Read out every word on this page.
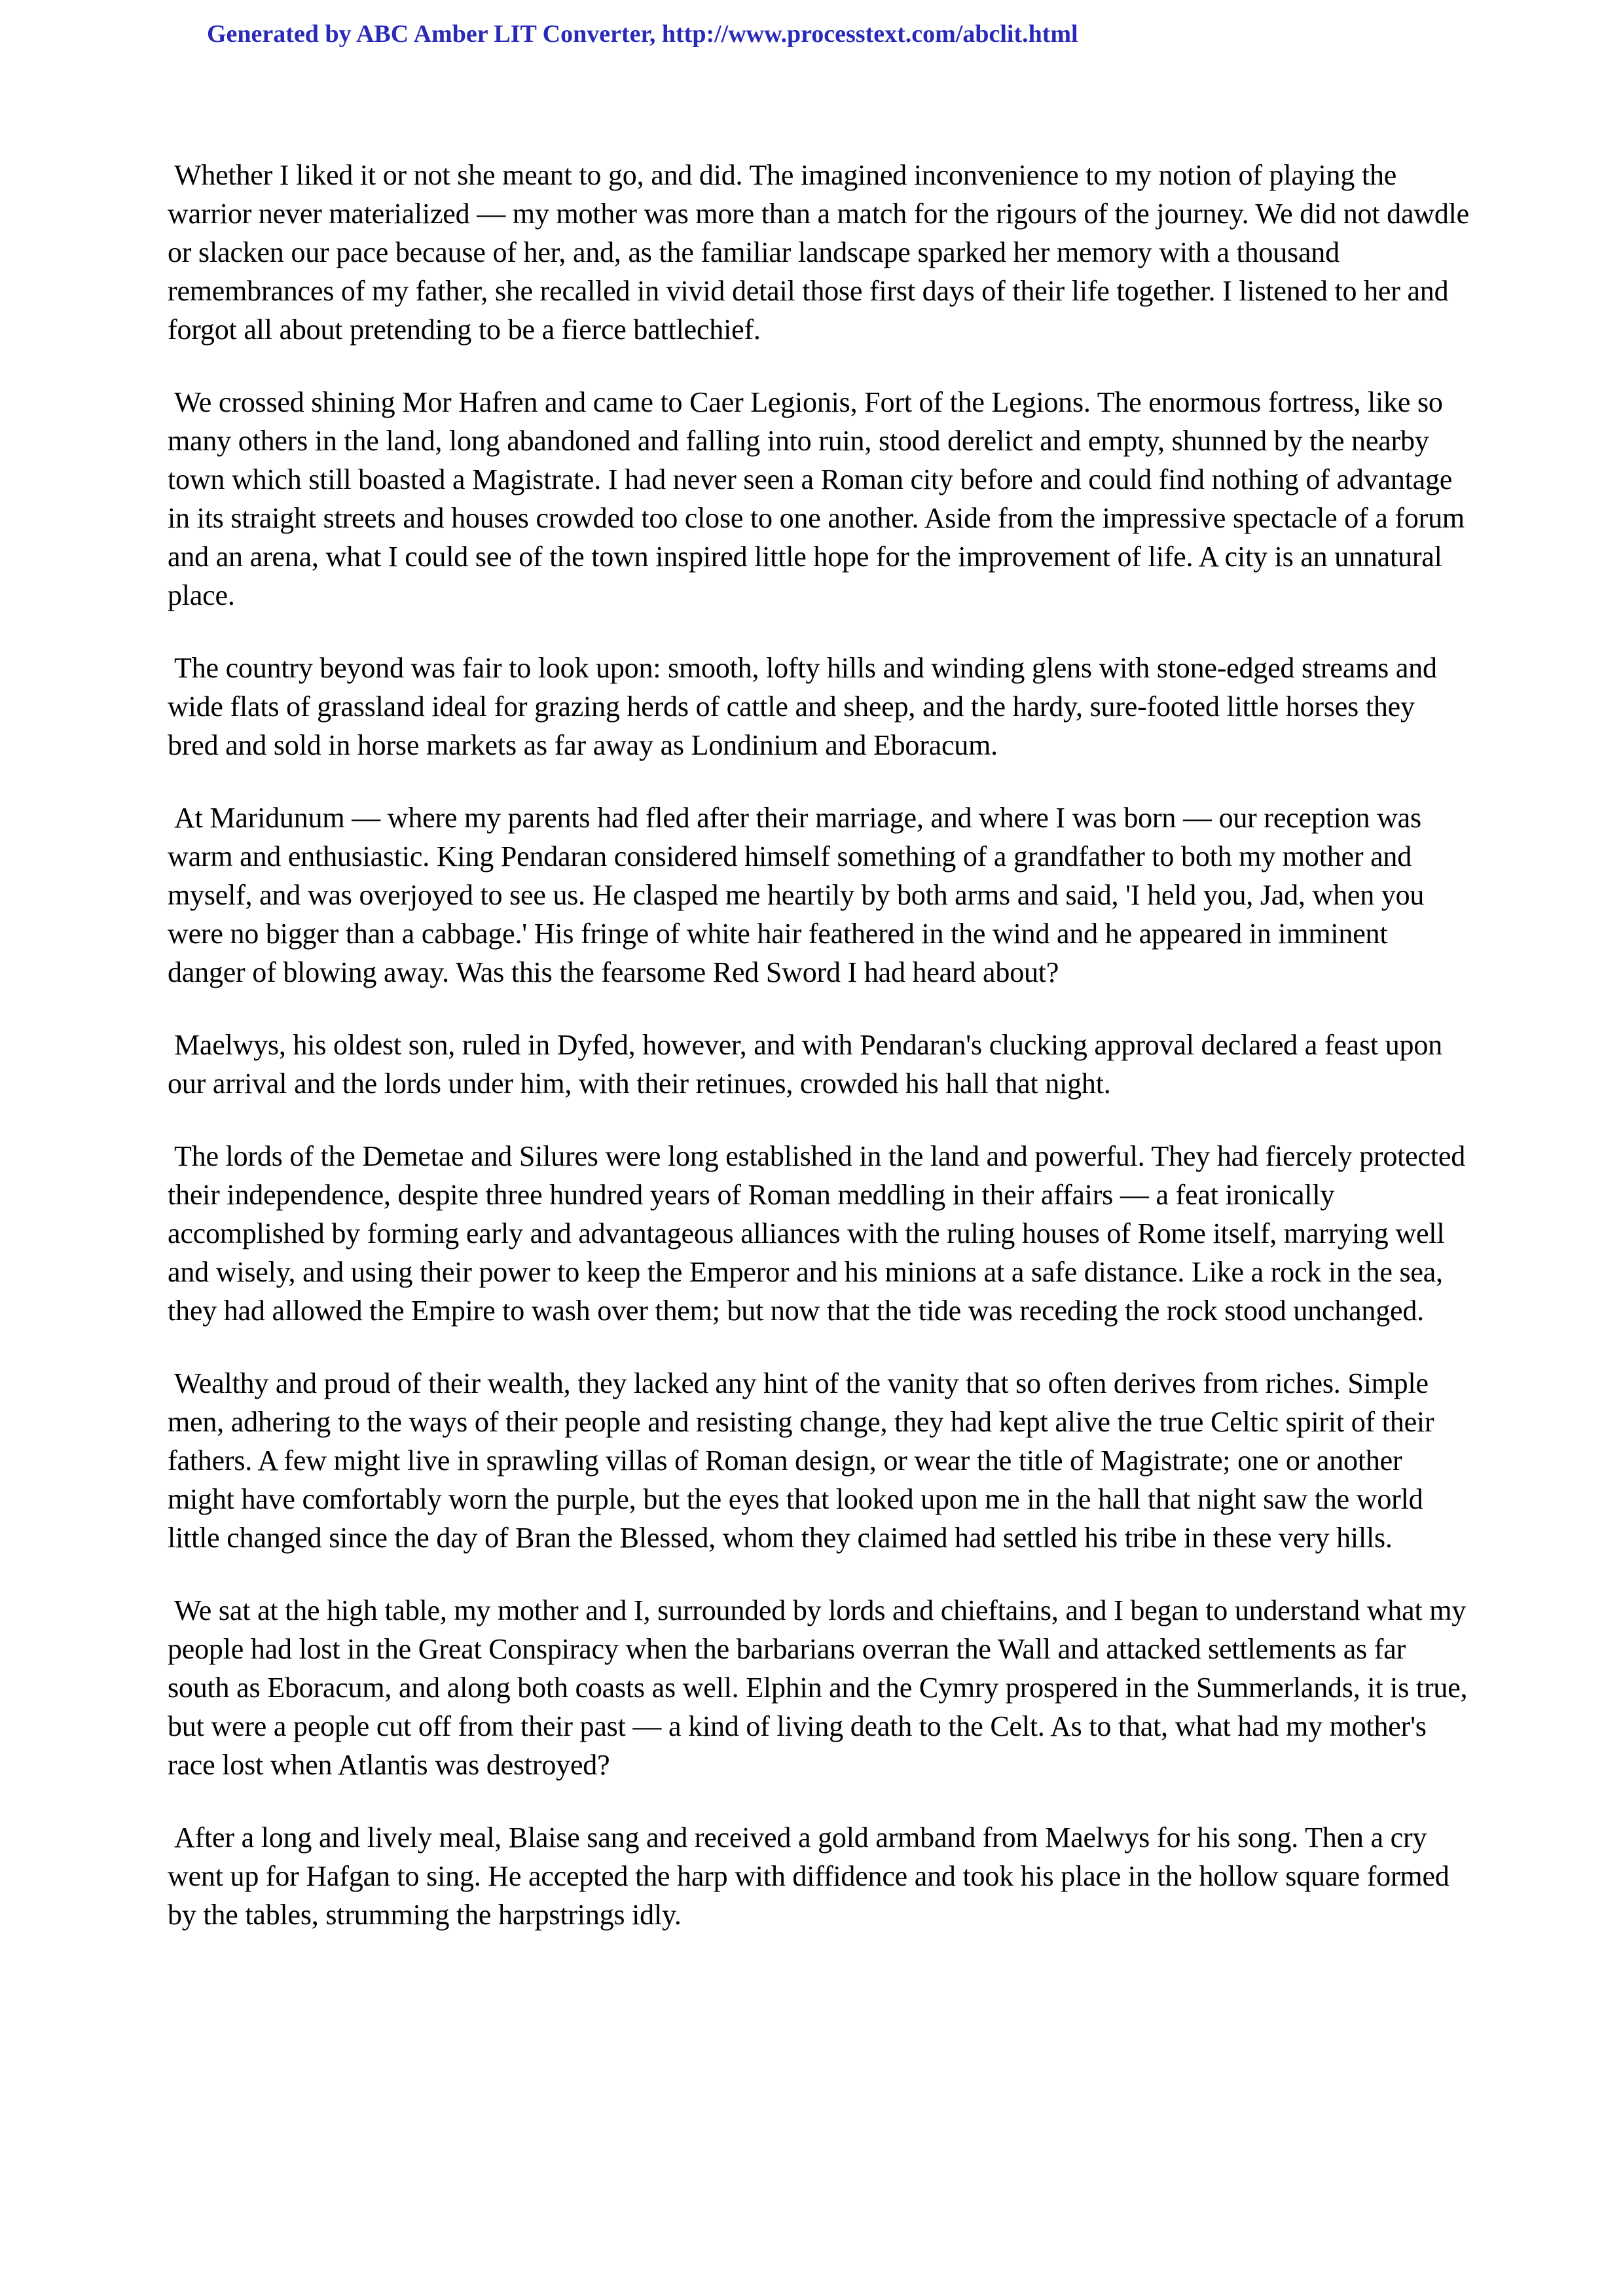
Generated by ABC Amber LIT Converter, http://www.processtext.com/abclit.html

Whether I liked it or not she meant to go, and did. The imagined inconvenience to my notion of playing the warrior never materialized — my mother was more than a match for the rigours of the journey. We did not dawdle or slacken our pace because of her, and, as the familiar landscape sparked her memory with a thousand remembrances of my father, she recalled in vivid detail those first days of their life together. I listened to her and forgot all about pretending to be a fierce battlechief.

We crossed shining Mor Hafren and came to Caer Legionis, Fort of the Legions. The enormous fortress, like so many others in the land, long abandoned and falling into ruin, stood derelict and empty, shunned by the nearby town which still boasted a Magistrate. I had never seen a Roman city before and could find nothing of advantage in its straight streets and houses crowded too close to one another. Aside from the impressive spectacle of a forum and an arena, what I could see of the town inspired little hope for the improvement of life. A city is an unnatural place.

The country beyond was fair to look upon: smooth, lofty hills and winding glens with stone-edged streams and wide flats of grassland ideal for grazing herds of cattle and sheep, and the hardy, sure-footed little horses they bred and sold in horse markets as far away as Londinium and Eboracum.

At Maridunum — where my parents had fled after their marriage, and where I was born — our reception was warm and enthusiastic. King Pendaran considered himself something of a grandfather to both my mother and myself, and was overjoyed to see us. He clasped me heartily by both arms and said, 'I held you, Jad, when you were no bigger than a cabbage.' His fringe of white hair feathered in the wind and he appeared in imminent danger of blowing away. Was this the fearsome Red Sword I had heard about?

Maelwys, his oldest son, ruled in Dyfed, however, and with Pendaran's clucking approval declared a feast upon our arrival and the lords under him, with their retinues, crowded his hall that night.

The lords of the Demetae and Silures were long established in the land and powerful. They had fiercely protected their independence, despite three hundred years of Roman meddling in their affairs — a feat ironically accomplished by forming early and advantageous alliances with the ruling houses of Rome itself, marrying well and wisely, and using their power to keep the Emperor and his minions at a safe distance. Like a rock in the sea, they had allowed the Empire to wash over them; but now that the tide was receding the rock stood unchanged.

Wealthy and proud of their wealth, they lacked any hint of the vanity that so often derives from riches. Simple men, adhering to the ways of their people and resisting change, they had kept alive the true Celtic spirit of their fathers. A few might live in sprawling villas of Roman design, or wear the title of Magistrate; one or another might have comfortably worn the purple, but the eyes that looked upon me in the hall that night saw the world little changed since the day of Bran the Blessed, whom they claimed had settled his tribe in these very hills.

We sat at the high table, my mother and I, surrounded by lords and chieftains, and I began to understand what my people had lost in the Great Conspiracy when the barbarians overran the Wall and attacked settlements as far south as Eboracum, and along both coasts as well. Elphin and the Cymry prospered in the Summerlands, it is true, but were a people cut off from their past — a kind of living death to the Celt. As to that, what had my mother's race lost when Atlantis was destroyed?

After a long and lively meal, Blaise sang and received a gold armband from Maelwys for his song. Then a cry went up for Hafgan to sing. He accepted the harp with diffidence and took his place in the hollow square formed by the tables, strumming the harpstrings idly.
